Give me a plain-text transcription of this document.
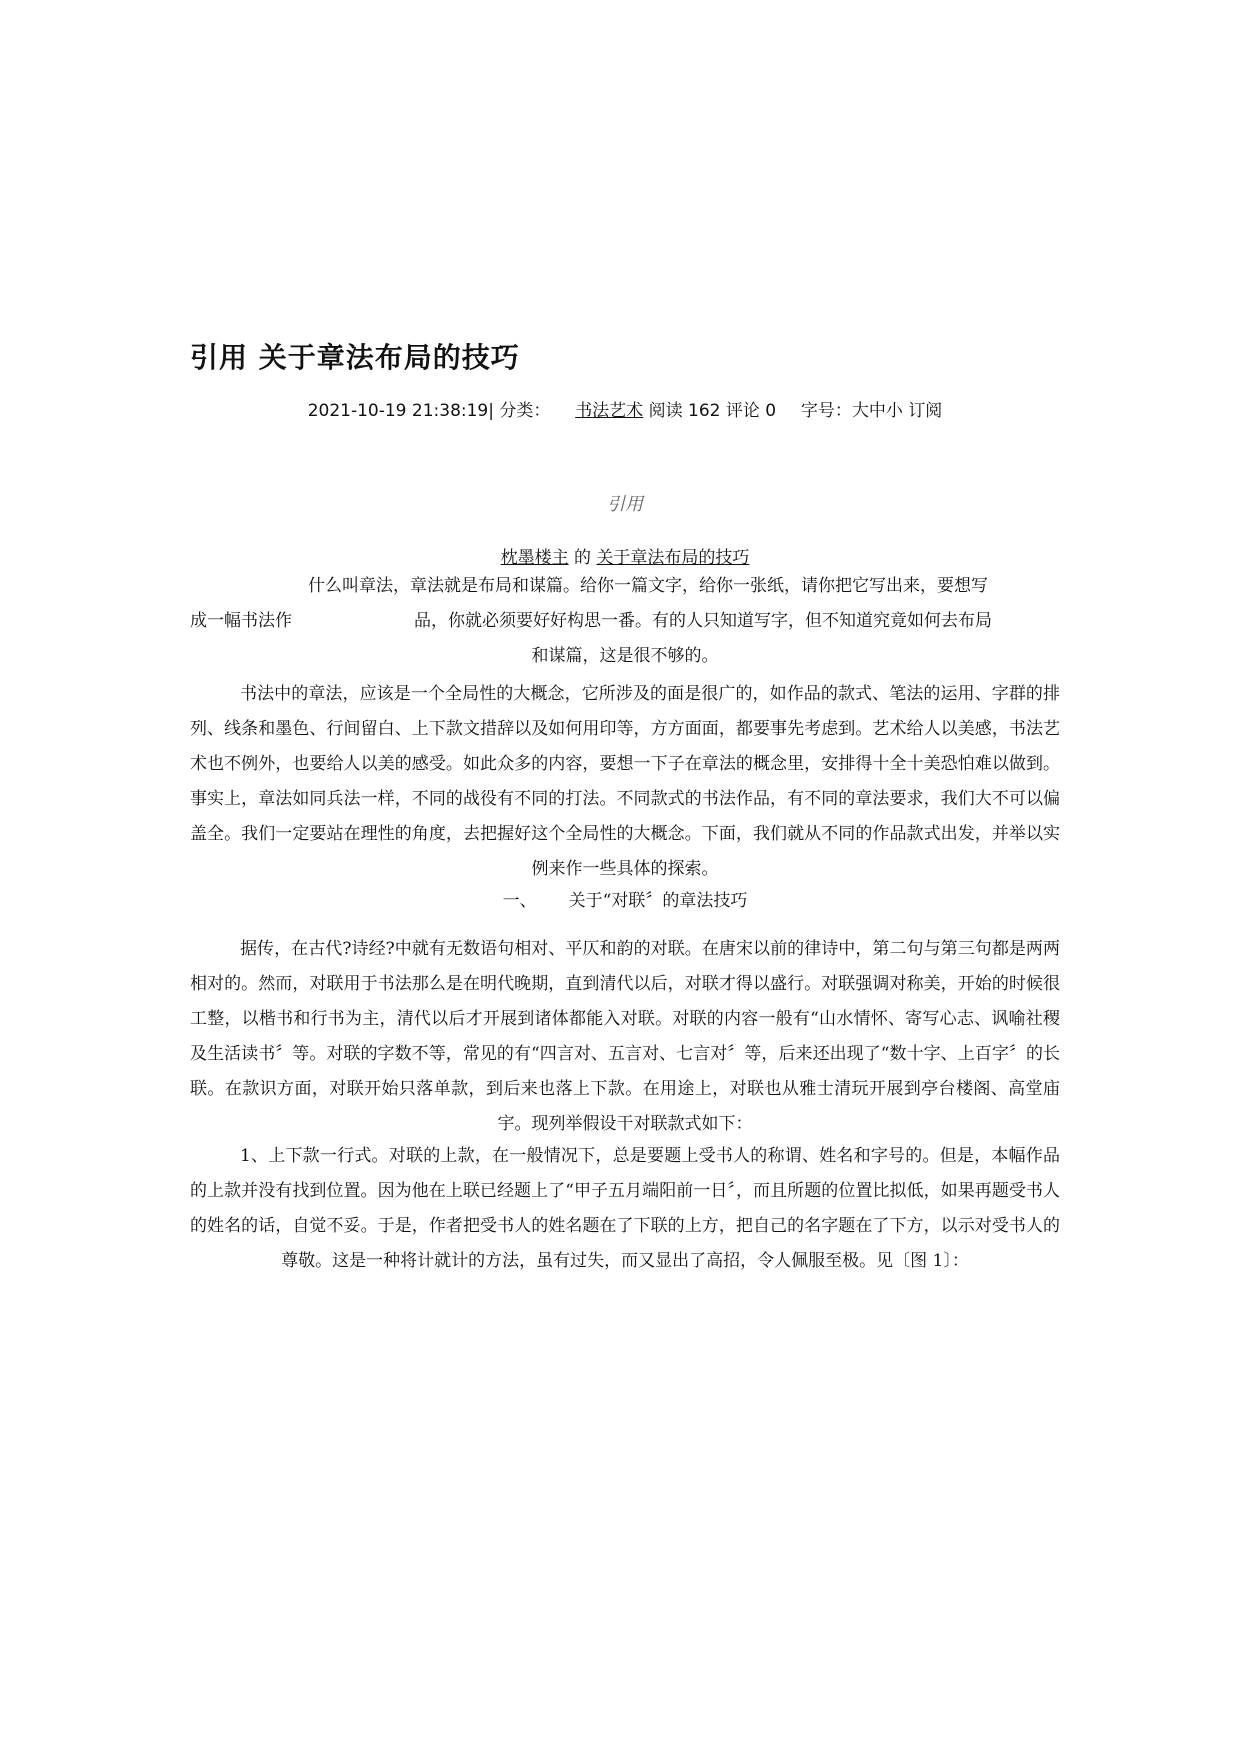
引用 关于章法布局的技巧
2021-10-19 21:38:19| 分类： 书法艺术 阅读 162 评论 0 字号：大中小 订阅
引用
枕墨楼主 的 关于章法布局的技巧
什么叫章法，章法就是布局和谋篇。给你一篇文字，给你一张纸，请你把它写出来，要想写
成一幅书法作	品，你就必须要好好构思一番。有的人只知道写字，但不知道究竟如何去布局
和谋篇，这是很不够的。

书法中的章法，应该是一个全局性的大概念，它所涉及的面是很广的，如作品的款式、笔法的运用、字群的排列、线条和墨色、行间留白、上下款文措辞以及如何用印等，方方面面，都要事先考虑到。艺术给人以美感，书法艺术也不例外，也要给人以美的感受。如此众多的内容，要想一下子在章法的概念里，安排得十全十美恐怕难以做到。事实上，章法如同兵法一样，不同的战役有不同的打法。不同款式的书法作品，有不同的章法要求，我们大不可以偏盖全。我们一定要站在理性的角度，去把握好这个全局性的大概念。下面，我们就从不同的作品款式出发，并举以实例来作一些具体的探索。

一、 关于“对联〞的章法技巧

据传，在古代?诗经?中就有无数语句相对、平仄和韵的对联。在唐宋以前的律诗中，第二句与第三句都是两两相对的。然而，对联用于书法那么是在明代晚期，直到清代以后，对联才得以盛行。对联强调对称美，开始的时候很工整，以楷书和行书为主，清代以后才开展到诸体都能入对联。对联的内容一般有“山水情怀、寄写心志、讽喻社稷及生活读书〞等。对联的字数不等，常见的有“四言对、五言对、七言对〞等，后来还出现了“数十字、上百字〞的长联。在款识方面，对联开始只落单款，到后来也落上下款。在用途上，对联也从雅士清玩开展到亭台楼阁、高堂庙宇。现列举假设干对联款式如下：

1、上下款一行式。对联的上款，在一般情况下，总是要题上受书人的称谓、姓名和字号的。但是，本幅作品的上款并没有找到位置。因为他在上联已经题上了“甲子五月端阳前一日〞，而且所题的位置比拟低，如果再题受书人的姓名的话，自觉不妥。于是，作者把受书人的姓名题在了下联的上方，把自己的名字题在了下方，以示对受书人的尊敬。这是一种将计就计的方法，虽有过失，而又显出了高招，令人佩服至极。见〔图 1〕：
